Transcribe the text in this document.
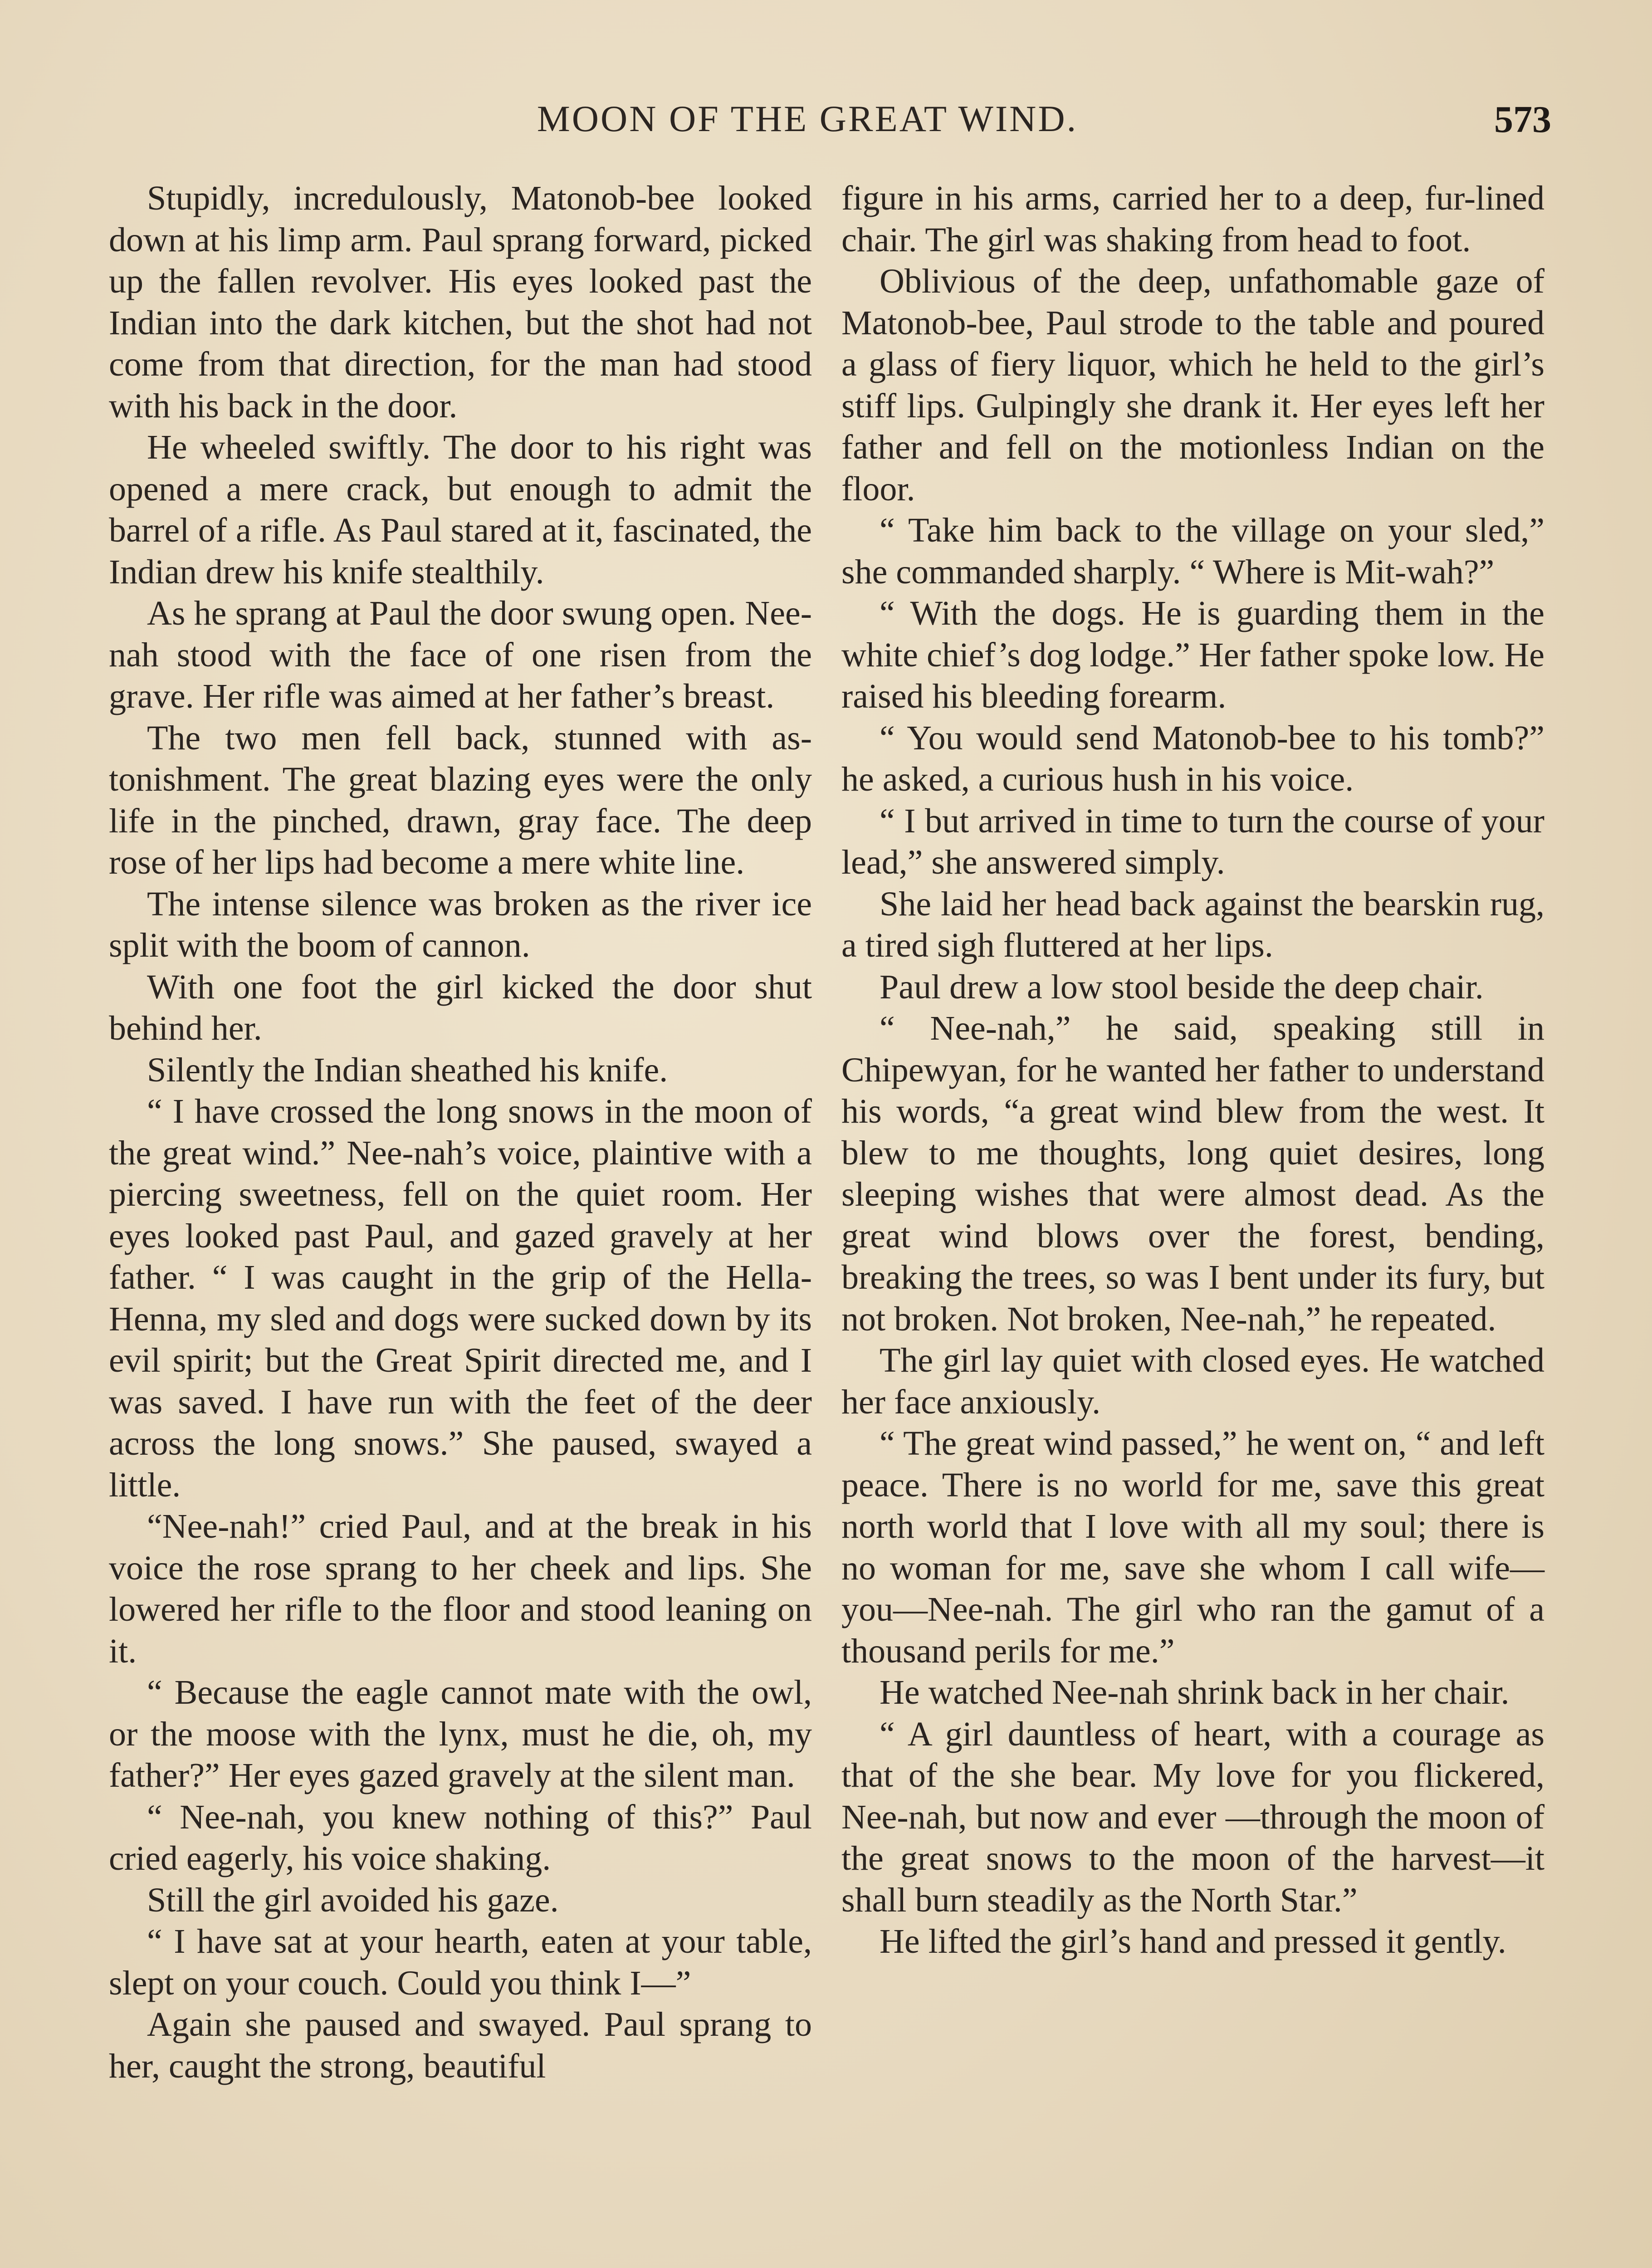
MOON OF THE GREAT WIND.	573

Stupidly, incredulously, Matonob-bee looked down at his limp arm. Paul sprang forward, picked up the fallen revolver. His eyes looked past the Indian into the dark kitchen, but the shot had not come from that direction, for the man had stood with his back in the door.

He wheeled swiftly. The door to his right was opened a mere crack, but enough to admit the barrel of a rifle. As Paul stared at it, fascinated, the Indian drew his knife stealthily.

As he sprang at Paul the door swung open. Nee-nah stood with the face of one risen from the grave. Her rifle was aimed at her father’s breast.

The two men fell back, stunned with astonishment. The great blazing eyes were the only life in the pinched, drawn, gray face. The deep rose of her lips had become a mere white line.

The intense silence was broken as the river ice split with the boom of cannon.

With one foot the girl kicked the door shut behind her.

Silently the Indian sheathed his knife.

“ I have crossed the long snows in the moon of the great wind.” Nee-nah’s voice, plaintive with a piercing sweetness, fell on the quiet room. Her eyes looked past Paul, and gazed gravely at her father. “ I was caught in the grip of the Hella-Henna, my sled and dogs were sucked down by its evil spirit; but the Great Spirit directed me, and I was saved. I have run with the feet of the deer across the long snows.” She paused, swayed a little.

“Nee-nah!” cried Paul, and at the break in his voice the rose sprang to her cheek and lips. She lowered her rifle to the floor and stood leaning on it.

“ Because the eagle cannot mate with the owl, or the moose with the lynx, must he die, oh, my father?” Her eyes gazed gravely at the silent man.

“ Nee-nah, you knew nothing of this?” Paul cried eagerly, his voice shaking.

Still the girl avoided his gaze.

“ I have sat at your hearth, eaten at your table, slept on your couch. Could you think I—”

Again she paused and swayed. Paul sprang to her, caught the strong, beautiful

figure in his arms, carried her to a deep, fur-lined chair. The girl was shaking from head to foot.

Oblivious of the deep, unfathomable gaze of Matonob-bee, Paul strode to the table and poured a glass of fiery liquor, which he held to the girl’s stiff lips. Gulpingly she drank it. Her eyes left her father and fell on the motionless Indian on the floor.

“ Take him back to the village on your sled,” she commanded sharply. “ Where is Mit-wah?”

“ With the dogs. He is guarding them in the white chief’s dog lodge.” Her father spoke low. He raised his bleeding forearm.

“ You would send Matonob-bee to his tomb?” he asked, a curious hush in his voice.

“ I but arrived in time to turn the course of your lead,” she answered simply.

She laid her head back against the bearskin rug, a tired sigh fluttered at her lips.

Paul drew a low stool beside the deep chair.

“ Nee-nah,” he said, speaking still in Chipewyan, for he wanted her father to understand his words, “a great wind blew from the west. It blew to me thoughts, long quiet desires, long sleeping wishes that were almost dead. As the great wind blows over the forest, bending, breaking the trees, so was I bent under its fury, but not broken. Not broken, Nee-nah,” he repeated.

The girl lay quiet with closed eyes. He watched her face anxiously.

“ The great wind passed,” he went on, “ and left peace. There is no world for me, save this great north world that I love with all my soul; there is no woman for me, save she whom I call wife—you—Nee-nah. The girl who ran the gamut of a thousand perils for me.”

He watched Nee-nah shrink back in her chair.

“ A girl dauntless of heart, with a courage as that of the she bear. My love for you flickered, Nee-nah, but now and ever —through the moon of the great snows to the moon of the harvest—it shall burn steadily as the North Star.”

He lifted the girl’s hand and pressed it gently.
